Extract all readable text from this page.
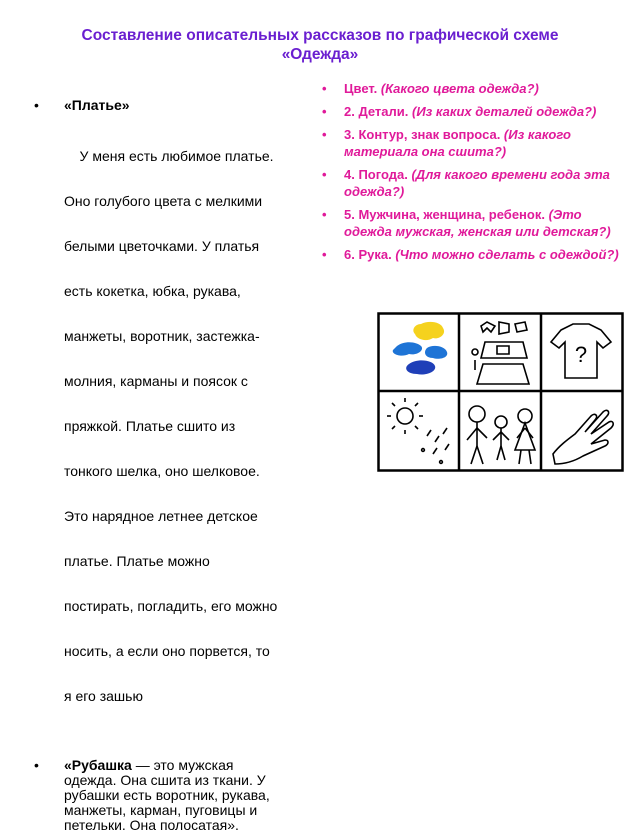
Составление описательных рассказов по графической схеме
«Одежда»
• «Платье»

У меня есть любимое платье.

Оно голубого цвета с мелкими

белыми цветочками. У платья

есть кокетка, юбка, рукава,

манжеты, воротник, застежка-

молния, карманы и поясок с

пряжкой. Платье сшито из

тонкого шелка, оно шелковое.

Это нарядное летнее детское

платье. Платье можно

постирать, погладить, его можно

носить, а если оно порвется, то

я его зашью

• «Рубашка — это мужская
одежда. Она сшита из ткани. У
рубашки есть воротник, рукава,
манжеты, карман, пуговицы и
петельки. Она полосатая».
• Цвет. (Какого цвета одежда?)
• 2. Детали. (Из каких деталей одежда?)
• 3. Контур, знак вопроса. (Из какого материала она сшита?)
• 4. Погода. (Для какого времени года эта одежда?)
• 5. Мужчина, женщина, ребенок. (Это одежда мужская, женская или детская?)
• 6. Рука. (Что можно сделать с одеждой?)
?
